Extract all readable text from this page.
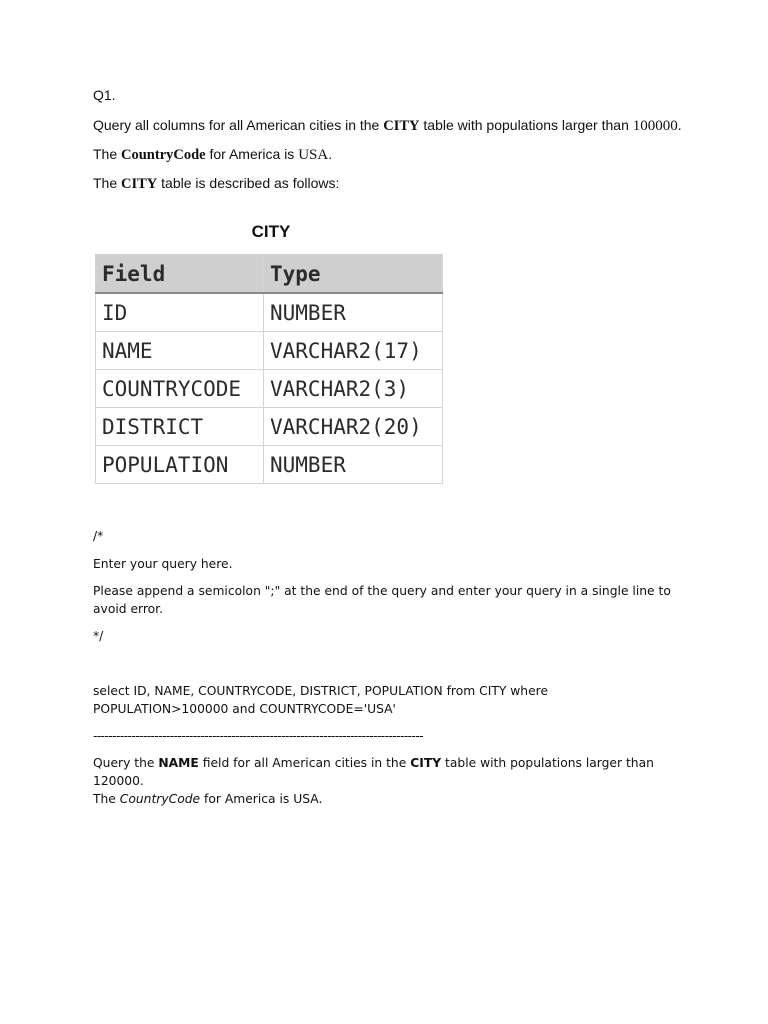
Q1.
Query all columns for all American cities in the CITY table with populations larger than 100000.
The CountryCode for America is USA.
The CITY table is described as follows:
CITY
Field	Type
ID	NUMBER
NAME	VARCHAR2(17)
COUNTRYCODE	VARCHAR2(3)
DISTRICT	VARCHAR2(20)
POPULATION	NUMBER
/*
Enter your query here.
Please append a semicolon ";" at the end of the query and enter your query in a single line to avoid error.
*/
select ID, NAME, COUNTRYCODE, DISTRICT, POPULATION from CITY where POPULATION>100000 and COUNTRYCODE='USA'
--------------------------------------------------------------------------------------
Query the NAME field for all American cities in the CITY table with populations larger than 120000.
The CountryCode for America is USA.
